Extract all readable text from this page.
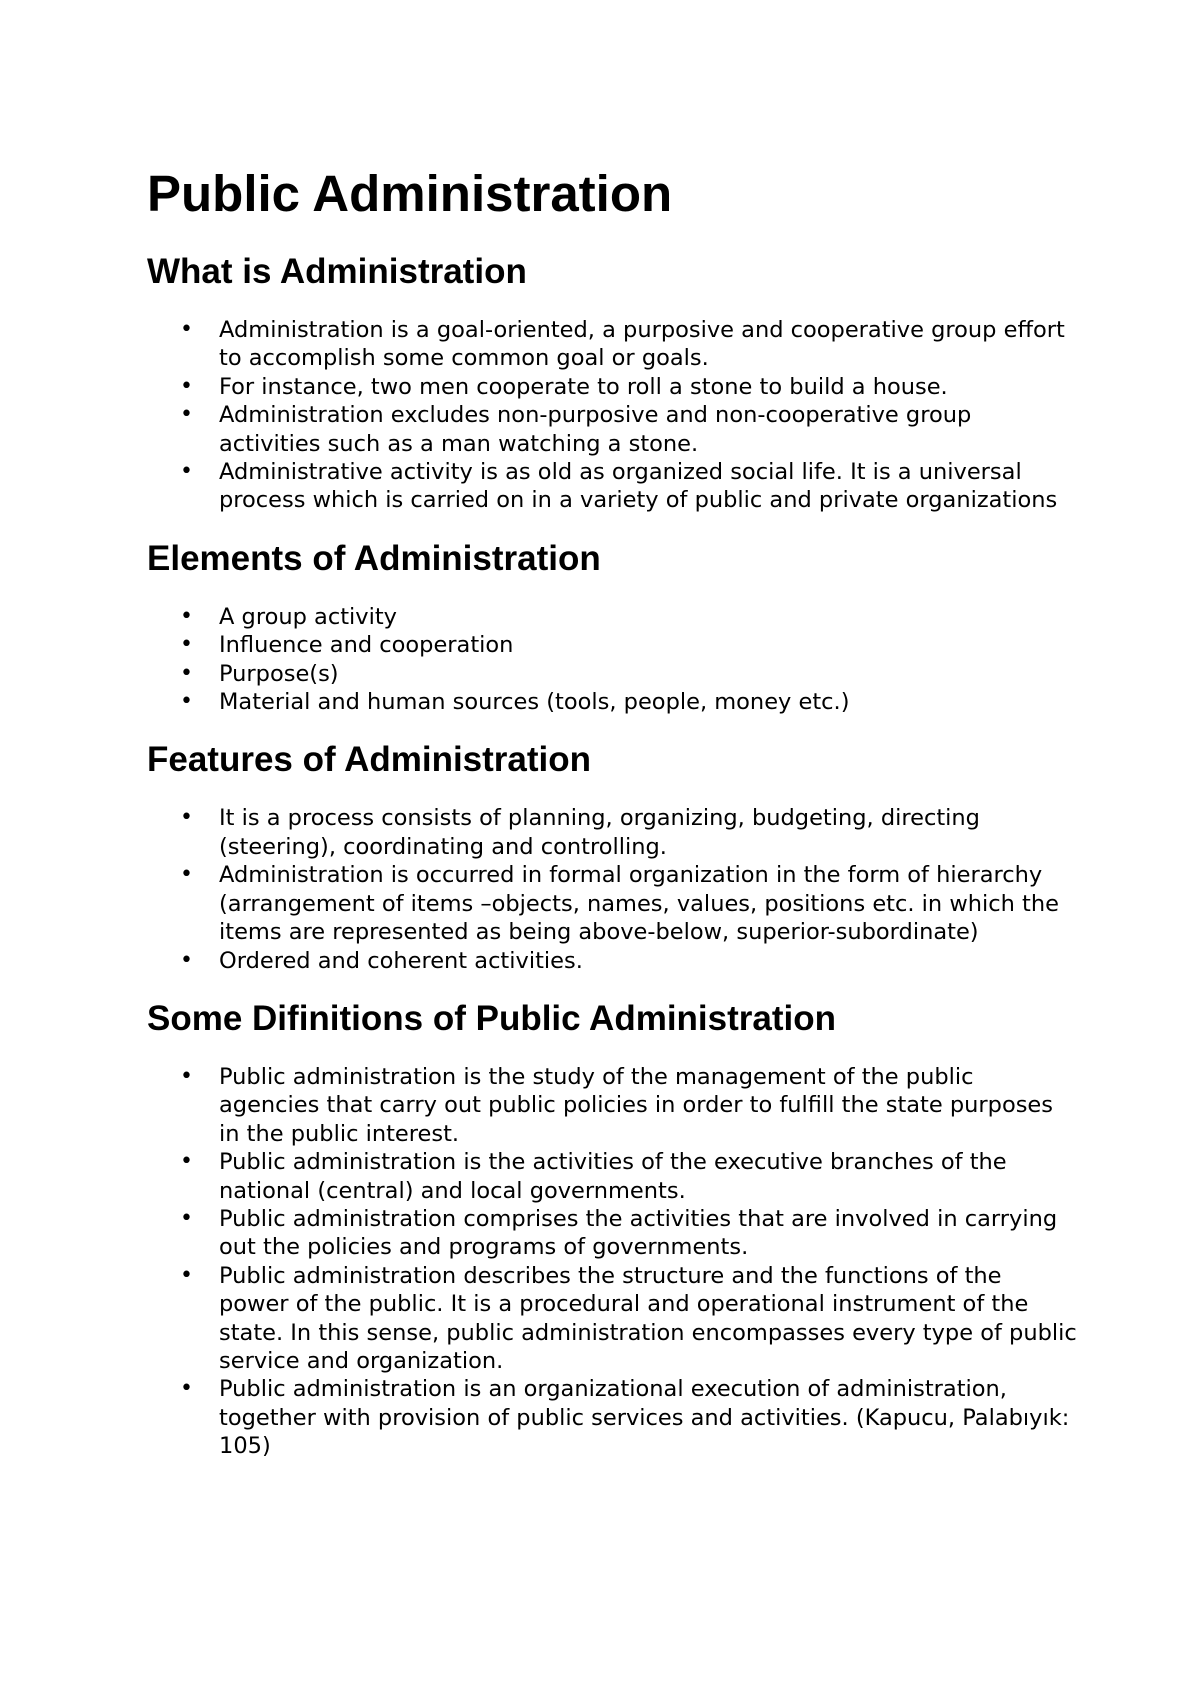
Public Administration
What is Administration
• Administration is a goal-oriented, a purposive and cooperative group effort to accomplish some common goal or goals.
• For instance, two men cooperate to roll a stone to build a house.
• Administration excludes non-purposive and non-cooperative group activities such as a man watching a stone.
• Administrative activity is as old as organized social life. It is a universal process which is carried on in a variety of public and private organizations
Elements of Administration
• A group activity
• Influence and cooperation
• Purpose(s)
• Material and human sources (tools, people, money etc.)
Features of Administration
• It is a process consists of planning, organizing, budgeting, directing (steering), coordinating and controlling.
• Administration is occurred in formal organization in the form of hierarchy (arrangement of items –objects, names, values, positions etc. in which the items are represented as being above-below, superior-subordinate)
• Ordered and coherent activities.
Some Difinitions of Public Administration
• Public administration is the study of the management of the public agencies that carry out public policies in order to fulfill the state purposes in the public interest.
• Public administration is the activities of the executive branches of the national (central) and local governments.
• Public administration comprises the activities that are involved in carrying out the policies and programs of governments.
• Public administration describes the structure and the functions of the power of the public. It is a procedural and operational instrument of the state. In this sense, public administration encompasses every type of public service and organization.
• Public administration is an organizational execution of administration, together with provision of public services and activities. (Kapucu, Palabıyık: 105)
